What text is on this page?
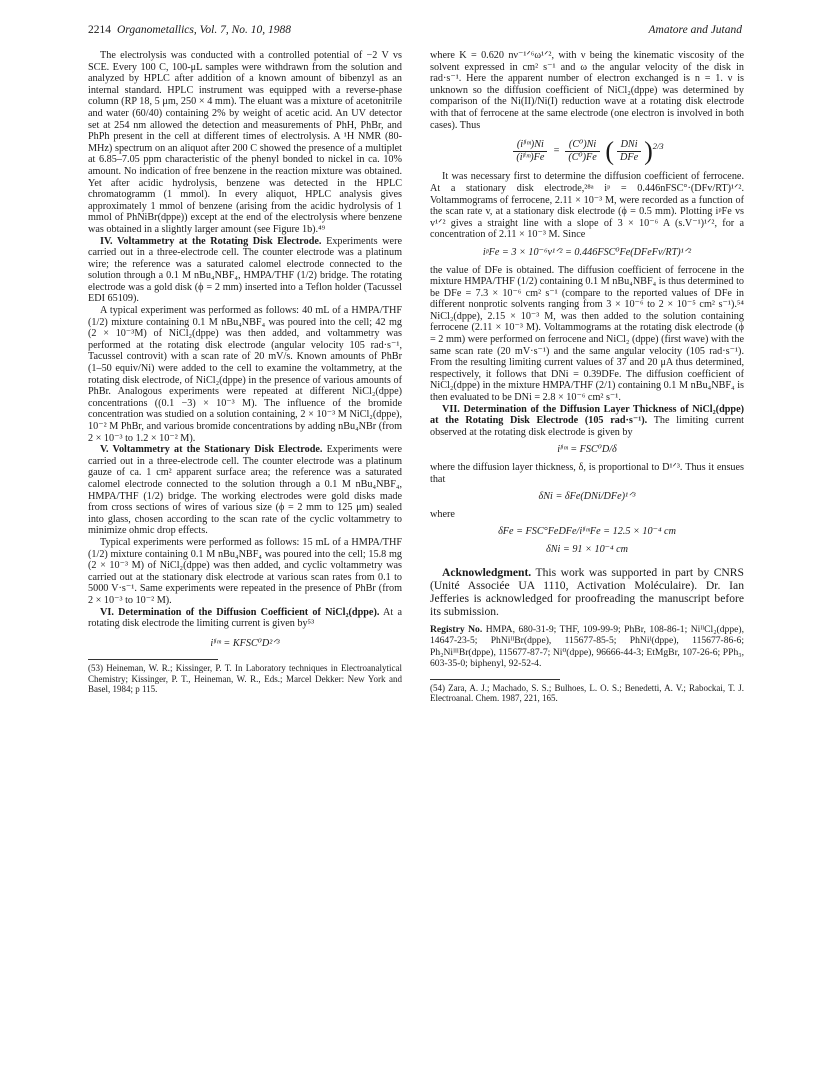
2214 Organometallics, Vol. 7, No. 10, 1988	Amatore and Jutand

The electrolysis was conducted with a controlled potential of −2 V vs SCE. Every 100 C, 100-μL samples were withdrawn from the solution and analyzed by HPLC after addition of a known amount of bibenzyl as an internal standard. HPLC instrument was equipped with a reverse-phase column (RP 18, 5 μm, 250 × 4 mm). The eluant was a mixture of acetonitrile and water (60/40) containing 2% by weight of acetic acid. An UV detector set at 254 nm allowed the detection and measurements of PhH, PhBr, and PhPh present in the cell at different times of electrolysis. A ¹H NMR (80-MHz) spectrum on an aliquot after 200 C showed the presence of a multiplet at 6.85–7.05 ppm characteristic of the phenyl bonded to nickel in ca. 10% amount. No indication of free benzene in the reaction mixture was obtained. Yet after acidic hydrolysis, benzene was detected in the HPLC chromatogramm (1 mmol). In every aliquot, HPLC analysis gives approximately 1 mmol of benzene (arising from the acidic hydrolysis of 1 mmol of PhNiBr(dppe)) except at the end of the electrolysis where benzene was obtained in a slightly larger amount (see Figure 1b).⁴⁹

IV. Voltammetry at the Rotating Disk Electrode. Experiments were carried out in a three-electrode cell. The counter electrode was a platinum wire; the reference was a saturated calomel electrode connected to the solution through a 0.1 M nBu₄NBF₄, HMPA/THF (1/2) bridge. The rotating electrode was a gold disk (ϕ = 2 mm) inserted into a Teflon holder (Tacussel EDI 65109).

A typical experiment was performed as follows: 40 mL of a HMPA/THF (1/2) mixture containing 0.1 M nBu₄NBF₄ was poured into the cell; 42 mg (2 × 10⁻³M) of NiCl₂(dppe) was then added, and voltammetry was performed at the rotating disk electrode (angular velocity 105 rad·s⁻¹, Tacussel controvit) with a scan rate of 20 mV/s. Known amounts of PhBr (1–50 equiv/Ni) were added to the cell to examine the voltammetry, at the rotating disk electrode, of NiCl₂(dppe) in the presence of various amounts of PhBr. Analogous experiments were repeated at different NiCl₂(dppe) concentrations ((0.1 −3) × 10⁻³ M). The influence of the bromide concentration was studied on a solution containing, 2 × 10⁻³ M NiCl₂(dppe), 10⁻² M PhBr, and various bromide concentrations by adding nBu₄NBr (from 2 × 10⁻³ to 1.2 × 10⁻² M).

V. Voltammetry at the Stationary Disk Electrode. Experiments were carried out in a three-electrode cell. The counter electrode was a platinum gauze of ca. 1 cm² apparent surface area; the reference was a saturated calomel electrode connected to the solution through a 0.1 M nBu₄NBF₄, HMPA/THF (1/2) bridge. The working electrodes were gold disks made from cross sections of wires of various size (ϕ = 2 mm to 125 μm) sealed into glass, chosen according to the scan rate of the cyclic voltammetry to minimize ohmic drop effects.

Typical experiments were performed as follows: 15 mL of a HMPA/THF (1/2) mixture containing 0.1 M nBu₄NBF₄ was poured into the cell; 15.8 mg (2 × 10⁻³ M) of NiCl₂(dppe) was then added, and cyclic voltammetry was carried out at the stationary disk electrode at various scan rates from 0.1 to 5000 V·s⁻¹. Same experiments were repeated in the presence of PhBr (from 2 × 10⁻³ to 10⁻² M).

VI. Determination of the Diffusion Coefficient of NiCl₂(dppe). At a rotating disk electrode the limiting current is given by⁵³

iˡⁱᵐ = KFSC⁰D²ᐟ³

(53) Heineman, W. R.; Kissinger, P. T. In Laboratory techniques in Electroanalytical Chemistry; Kissinger, P. T., Heineman, W. R., Eds.; Marcel Dekker: New York and Basel, 1984; p 115.

where K = 0.620 nν⁻¹ᐟ⁶ω¹ᐟ², with ν being the kinematic viscosity of the solvent expressed in cm² s⁻¹ and ω the angular velocity of the disk in rad·s⁻¹. Here the apparent number of electron exchanged is n = 1. ν is unknown so the diffusion coefficient of NiCl₂(dppe) was determined by comparison of the Ni(II)/Ni(I) reduction wave at a rotating disk electrode with that of ferrocene at the same electrode (one electron is involved in both cases). Thus

$\frac{\text{(iˡⁱᵐ)Ni}}{\text{(iˡⁱᵐ)Fe}} = \frac{\text{(C⁰)Ni}}{\text{(C⁰)Fe}}$ ( $\frac{\text{DNi}}{\text{DFe}} )^{2/3}$

It was necessary first to determine the diffusion coefficient of ferrocene. At a stationary disk electrode,²⁸ᵃ iᵖ = 0.446nFSC°·(DFv/RT)¹ᐟ². Voltammograms of ferrocene, 2.11 × 10⁻³ M, were recorded as a function of the scan rate v, at a stationary disk electrode (ϕ = 0.5 mm). Plotting iᵖFe vs v¹ᐟ² gives a straight line with a slope of 3 × 10⁻⁶ A (s.V⁻¹)¹ᐟ², for a concentration of 2.11 × 10⁻³ M. Since

iᵖFe = 3 × 10⁻⁶v¹ᐟ² = 0.446FSC⁰Fe(DFeFv/RT)¹ᐟ²

the value of DFe is obtained. The diffusion coefficient of ferrocene in the mixture HMPA/THF (1/2) containing 0.1 M nBu₄NBF₄ is thus determined to be DFe = 7.3 × 10⁻⁶ cm² s⁻¹ (compare to the reported values of DFe in different nonprotic solvents ranging from 3 × 10⁻⁶ to 2 × 10⁻⁵ cm² s⁻¹).⁵⁴ NiCl₂(dppe), 2.15 × 10⁻³ M, was then added to the solution containing ferrocene (2.11 × 10⁻³ M). Voltammograms at the rotating disk electrode (ϕ = 2 mm) were performed on ferrocene and NiCl₂ (dppe) (first wave) with the same scan rate (20 mV·s⁻¹) and the same angular velocity (105 rad·s⁻¹). From the resulting limiting current values of 37 and 20 μA thus determined, respectively, it follows that DNi = 0.39DFe. The diffusion coefficient of NiCl₂(dppe) in the mixture HMPA/THF (2/1) containing 0.1 M nBu₄NBF₄ is then evaluated to be DNi = 2.8 × 10⁻⁶ cm² s⁻¹.

VII. Determination of the Diffusion Layer Thickness of NiCl₂(dppe) at the Rotating Disk Electrode (105 rad·s⁻¹). The limiting current observed at the rotating disk electrode is given by

iˡⁱᵐ = FSC⁰D/δ

where the diffusion layer thickness, δ, is proportional to D¹ᐟ³. Thus it ensues that

δNi = δFe(DNi/DFe)¹ᐟ³

where

δFe = FSC°FeDFe/iˡⁱᵐFe = 12.5 × 10⁻⁴ cm
δNi = 91 × 10⁻⁴ cm

Acknowledgment. This work was supported in part by CNRS (Unité Associée UA 1110, Activation Moléculaire). Dr. Ian Jefferies is acknowledged for proofreading the manuscript before its submission.

Registry No. HMPA, 680-31-9; THF, 109-99-9; PhBr, 108-86-1; NiᴵᴵCl₂(dppe), 14647-23-5; PhNiᴵᴵBr(dppe), 115677-85-5; PhNiᴵ(dppe), 115677-86-6; Ph₂NiᴵᴵᴵBr(dppe), 115677-87-7; Ni⁰(dppe), 96666-44-3; EtMgBr, 107-26-6; PPh₃, 603-35-0; biphenyl, 92-52-4.

(54) Zara, A. J.; Machado, S. S.; Bulhoes, L. O. S.; Benedetti, A. V.; Rabockai, T. J. Electroanal. Chem. 1987, 221, 165.
